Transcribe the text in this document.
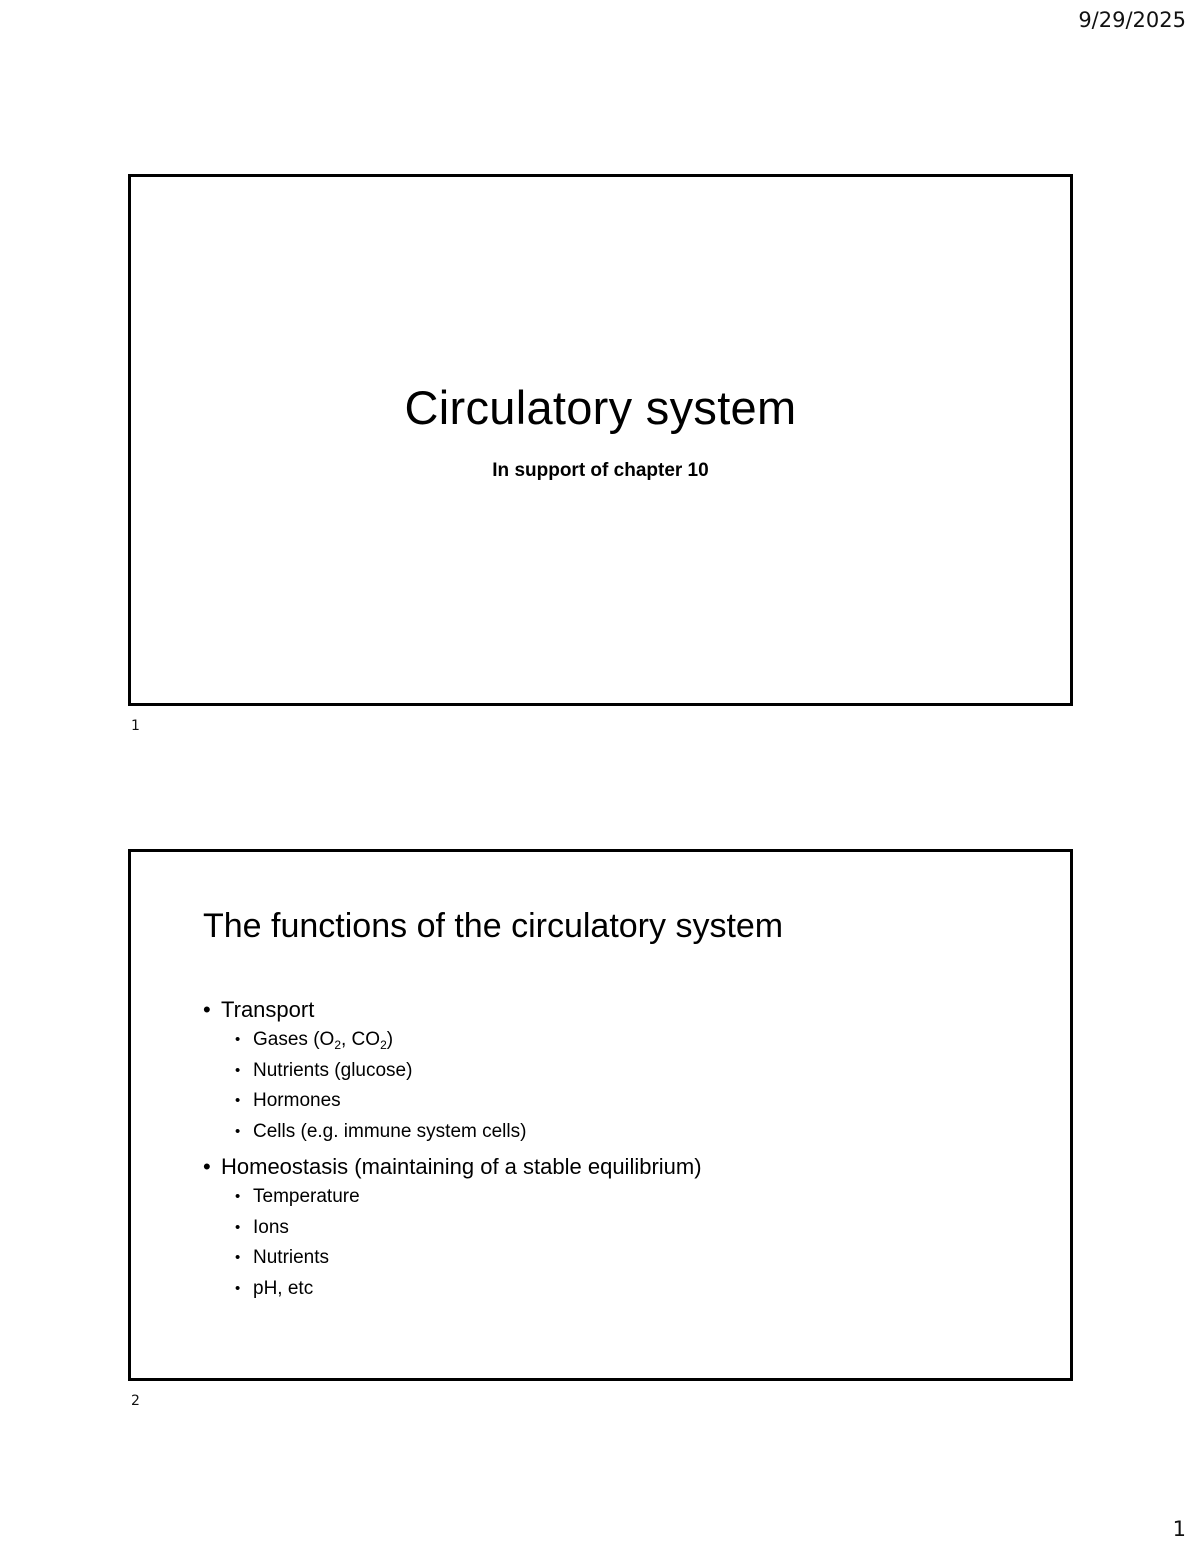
9/29/2025
Circulatory system
In support of chapter 10
1
The functions of the circulatory system
• Transport
• Gases ($O_2$, $CO_2$)
• Nutrients (glucose)
• Hormones
• Cells (e.g. immune system cells)
• Homeostasis (maintaining of a stable equilibrium)
• Temperature
• Ions
• Nutrients
• pH, etc
2
1
